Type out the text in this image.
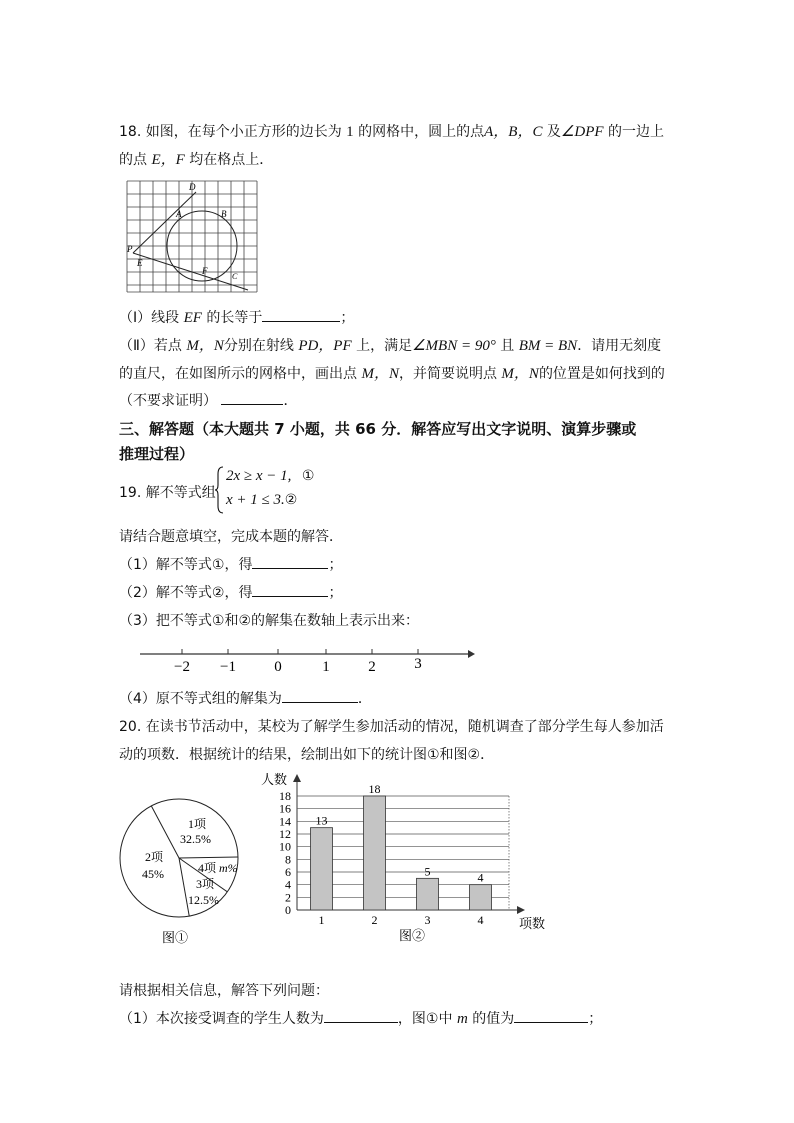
18. 如图，在每个小正方形的边长为 1 的网格中，圆上的点A，B，C 及∠DPF 的一边上
的点 E，F 均在格点上．
D
A	B
P
E
F
C
（Ⅰ）线段 EF 的长等于	；
（Ⅱ）若点 M，N分别在射线 PD，PF 上，满足∠MBN = 90° 且 BM = BN．请用无刻度
的直尺，在如图所示的网格中，画出点 M，N，并简要说明点 M，N的位置是如何找到的
（不要求证明）	．
三、解答题（本大题共 7 小题，共 66 分．解答应写出文字说明、演算步骤或
推理过程）
19. 解不等式组
2x ≥ x − 1, ①
x + 1 ≤ 3.②
请结合题意填空，完成本题的解答．
（1）解不等式①，得	；
（2）解不等式②，得	；
（3）把不等式①和②的解集在数轴上表示出来：
−2 −1	0	1	2	3
（4）原不等式组的解集为	．
20. 在读书节活动中，某校为了解学生参加活动的情况，随机调查了部分学生每人参加活
动的项数．根据统计的结果，绘制出如下的统计图①和图②．
1项
32.5%
2项
45%	4项 m%
3项
12.5%
图①
人数
项数
图②
0
2
4
6
8
10
12
14
16
18
13
1
18
2
5
3
4
4
请根据相关信息，解答下列问题：
（1）本次接受调查的学生人数为	，图①中 m 的值为	；
